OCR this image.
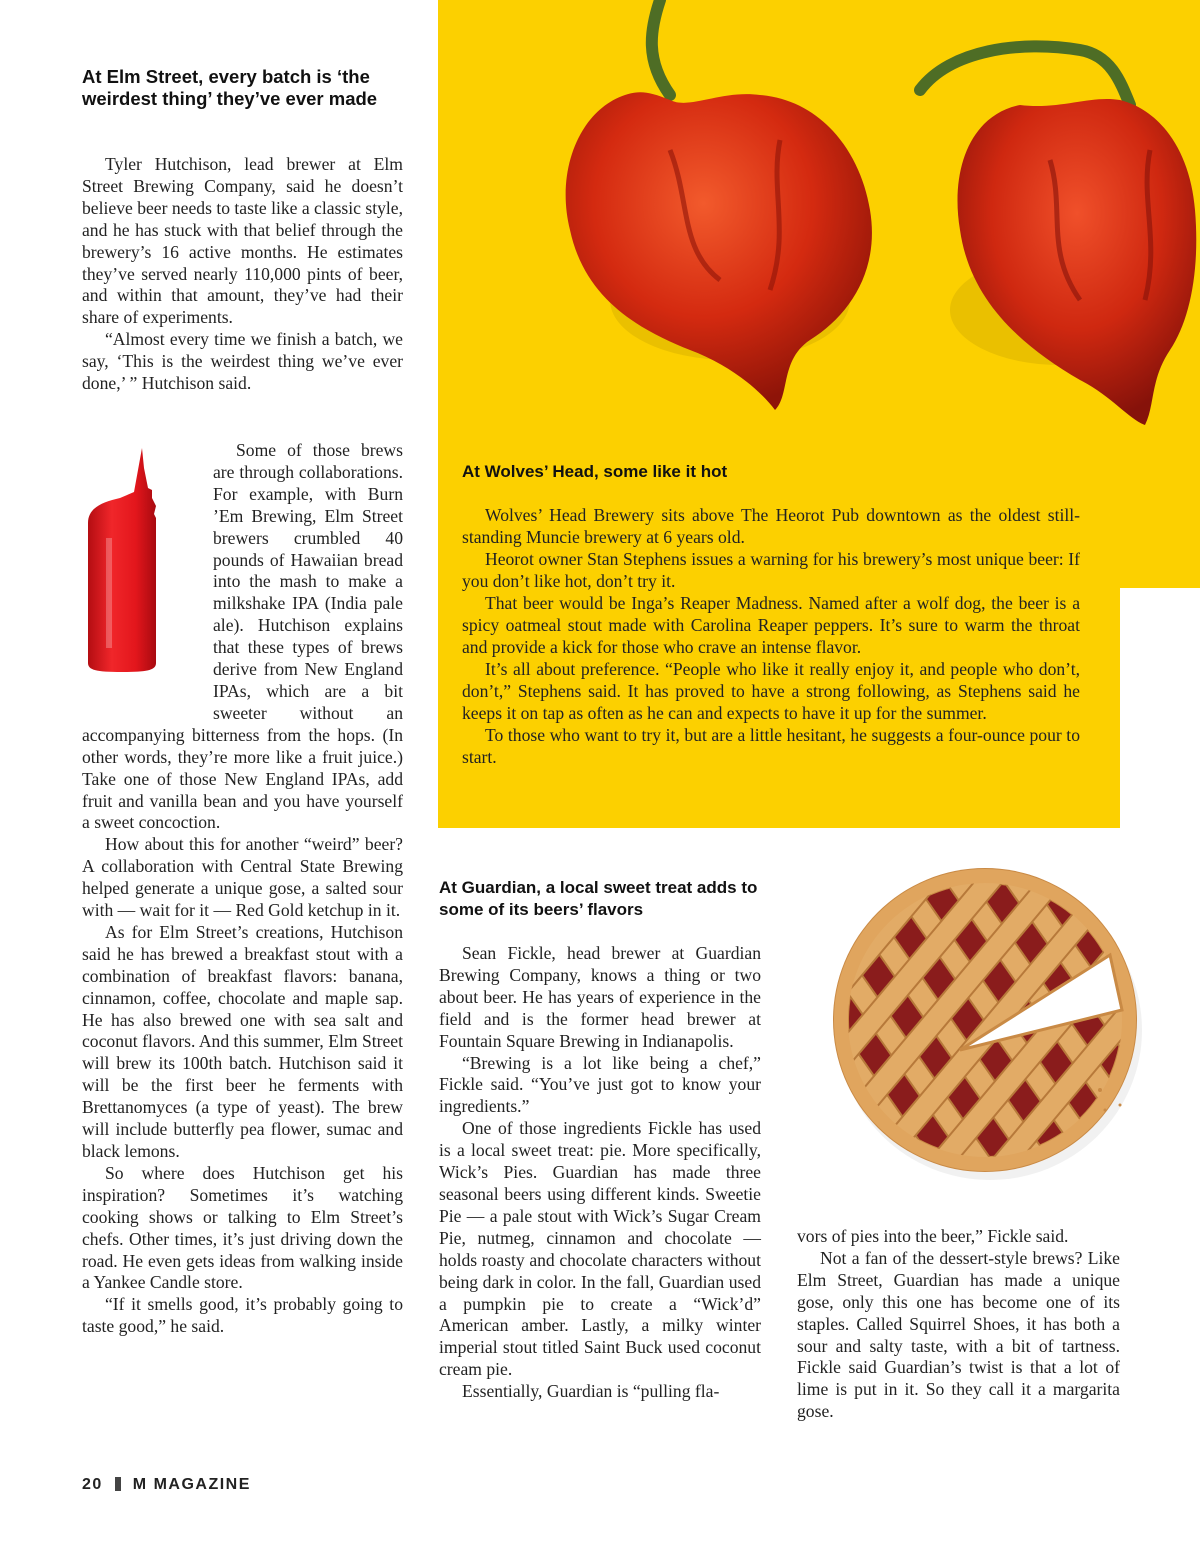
At Elm Street, every batch is ‘the weirdest thing’ they’ve ever made

Tyler Hutchison, lead brewer at Elm Street Brewing Company, said he doesn’t believe beer needs to taste like a classic style, and he has stuck with that belief through the brewery’s 16 active months. He estimates they’ve served nearly 110,000 pints of beer, and within that amount, they’ve had their share of experiments.

“Almost every time we finish a batch, we say, ‘This is the weirdest thing we’ve ever done,’ ” Hutchison said.

Some of those brews are through collaborations. For example, with Burn ’Em Brewing, Elm Street brewers crumbled 40 pounds of Hawaiian bread into the mash to make a milkshake IPA (India pale ale). Hutchison explains that these types of brews derive from New England IPAs, which are a bit sweeter without an accompanying bitterness from the hops. (In other words, they’re more like a fruit juice.) Take one of those New England IPAs, add fruit and vanilla bean and you have yourself a sweet concoction.

How about this for another “weird” beer? A collaboration with Central State Brewing helped generate a unique gose, a salted sour with — wait for it — Red Gold ketchup in it.

As for Elm Street’s creations, Hutchison said he has brewed a breakfast stout with a combination of breakfast flavors: banana, cinnamon, coffee, chocolate and maple sap. He has also brewed one with sea salt and coconut flavors. And this summer, Elm Street will brew its 100th batch. Hutchison said it will be the first beer he ferments with Brettanomyces (a type of yeast). The brew will include butterfly pea flower, sumac and black lemons.

So where does Hutchison get his inspiration? Sometimes it’s watching cooking shows or talking to Elm Street’s chefs. Other times, it’s just driving down the road. He even gets ideas from walking inside a Yankee Candle store.

“If it smells good, it’s probably going to taste good,” he said.

At Wolves’ Head, some like it hot

Wolves’ Head Brewery sits above The Heorot Pub downtown as the oldest still-standing Muncie brewery at 6 years old.

Heorot owner Stan Stephens issues a warning for his brewery’s most unique beer: If you don’t like hot, don’t try it.

That beer would be Inga’s Reaper Madness. Named after a wolf dog, the beer is a spicy oatmeal stout made with Carolina Reaper peppers. It’s sure to warm the throat and provide a kick for those who crave an intense flavor.

It’s all about preference. “People who like it really enjoy it, and people who don’t, don’t,” Stephens said. It has proved to have a strong following, as Stephens said he keeps it on tap as often as he can and expects to have it up for the summer.

To those who want to try it, but are a little hesitant, he suggests a four-ounce pour to start.

At Guardian, a local sweet treat adds to some of its beers’ flavors

Sean Fickle, head brewer at Guardian Brewing Company, knows a thing or two about beer. He has years of experience in the field and is the former head brewer at Fountain Square Brewing in Indianapolis.

“Brewing is a lot like being a chef,” Fickle said. “You’ve just got to know your ingredients.”

One of those ingredients Fickle has used is a local sweet treat: pie. More specifically, Wick’s Pies. Guardian has made three seasonal beers using different kinds. Sweetie Pie — a pale stout with Wick’s Sugar Cream Pie, nutmeg, cinnamon and chocolate — holds roasty and chocolate characters without being dark in color. In the fall, Guardian used a pumpkin pie to create a “Wick’d” American amber. Lastly, a milky winter imperial stout titled Saint Buck used coconut cream pie.

Essentially, Guardian is “pulling fla-

vors of pies into the beer,” Fickle said.

Not a fan of the dessert-style brews? Like Elm Street, Guardian has made a unique gose, only this one has become one of its staples. Called Squirrel Shoes, it has both a sour and salty taste, with a bit of tartness. Fickle said Guardian’s twist is that a lot of lime is put in it. So they call it a margarita gose.

20 M MAGAZINE
